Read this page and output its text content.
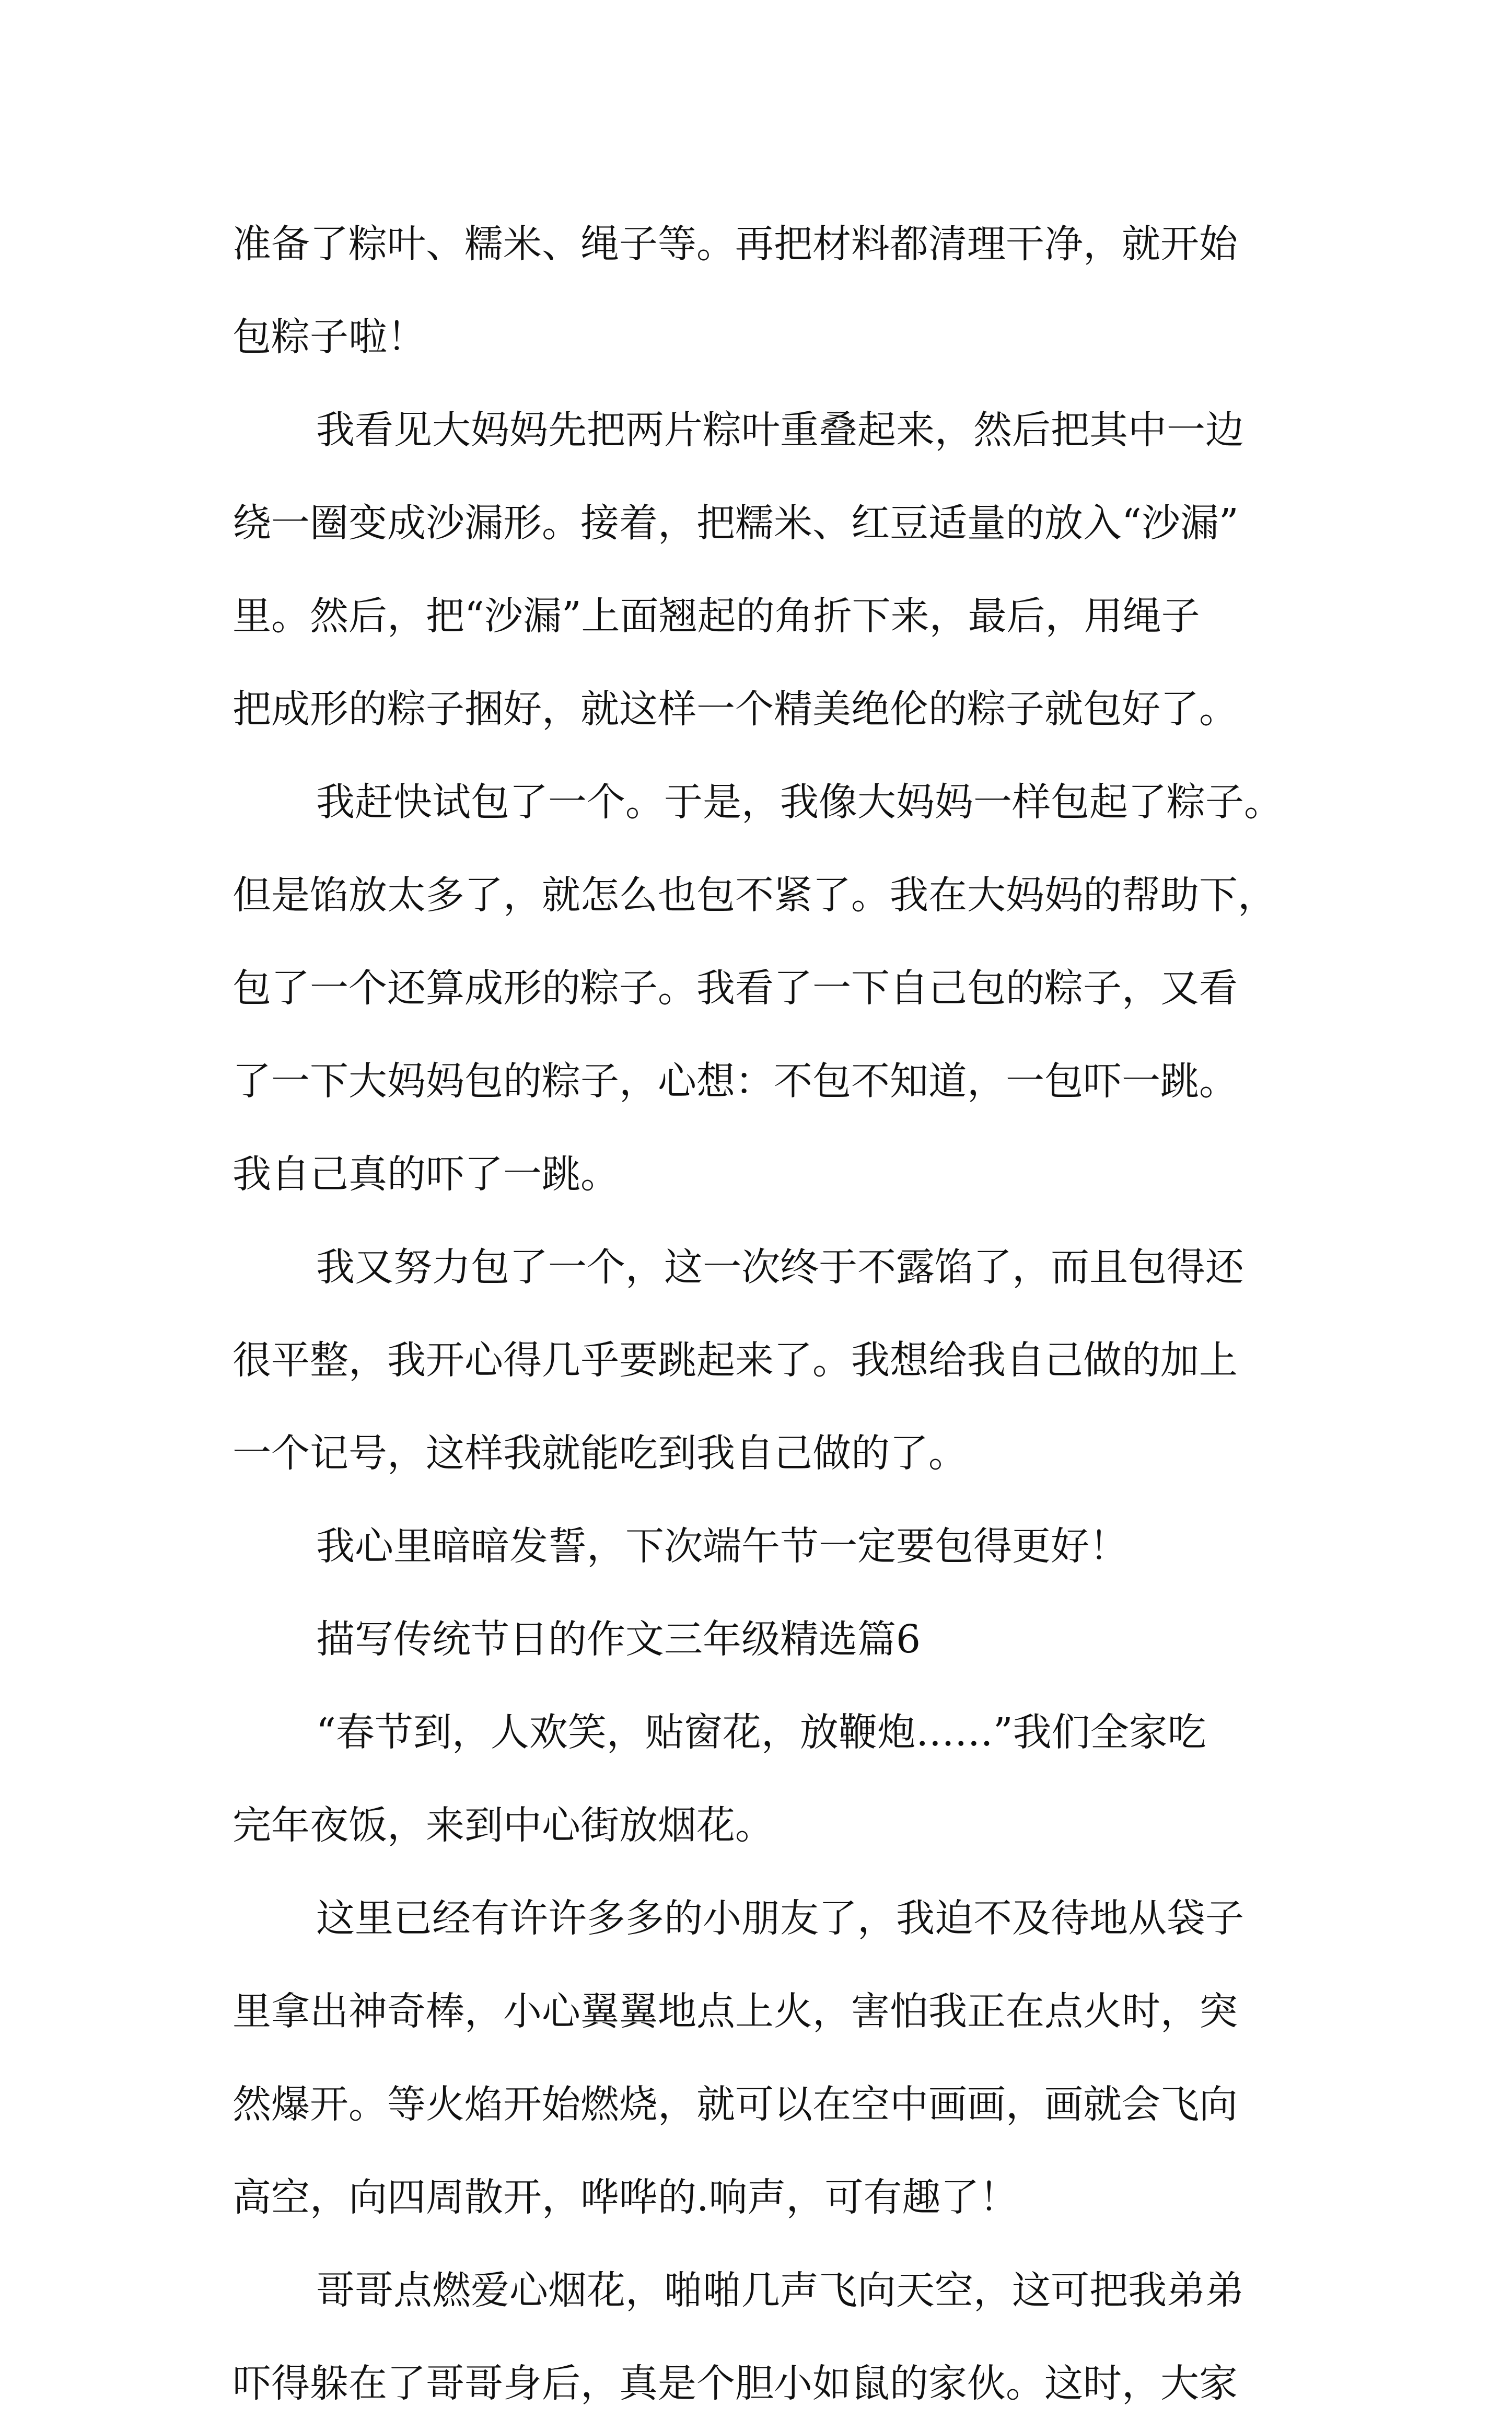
准备了粽叶、糯米、绳子等。再把材料都清理干净，就开始
包粽子啦！
我看见大妈妈先把两片粽叶重叠起来，然后把其中一边
绕一圈变成沙漏形。接着，把糯米、红豆适量的放入“沙漏”
里。然后，把“沙漏”上面翘起的角折下来，最后，用绳子
把成形的粽子捆好，就这样一个精美绝伦的粽子就包好了。
我赶快试包了一个。于是，我像大妈妈一样包起了粽子。
但是馅放太多了，就怎么也包不紧了。我在大妈妈的帮助下，
包了一个还算成形的粽子。我看了一下自己包的粽子，又看
了一下大妈妈包的粽子，心想：不包不知道，一包吓一跳。
我自己真的吓了一跳。
我又努力包了一个，这一次终于不露馅了，而且包得还
很平整，我开心得几乎要跳起来了。我想给我自己做的加上
一个记号，这样我就能吃到我自己做的了。
我心里暗暗发誓，下次端午节一定要包得更好！
描写传统节日的作文三年级精选篇6
“春节到，人欢笑，贴窗花，放鞭炮……”我们全家吃
完年夜饭，来到中心街放烟花。
这里已经有许许多多的小朋友了，我迫不及待地从袋子
里拿出神奇棒，小心翼翼地点上火，害怕我正在点火时，突
然爆开。等火焰开始燃烧，就可以在空中画画，画就会飞向
高空，向四周散开，哗哗的.响声，可有趣了！
哥哥点燃爱心烟花，啪啪几声飞向天空，这可把我弟弟
吓得躲在了哥哥身后，真是个胆小如鼠的家伙。这时，大家
